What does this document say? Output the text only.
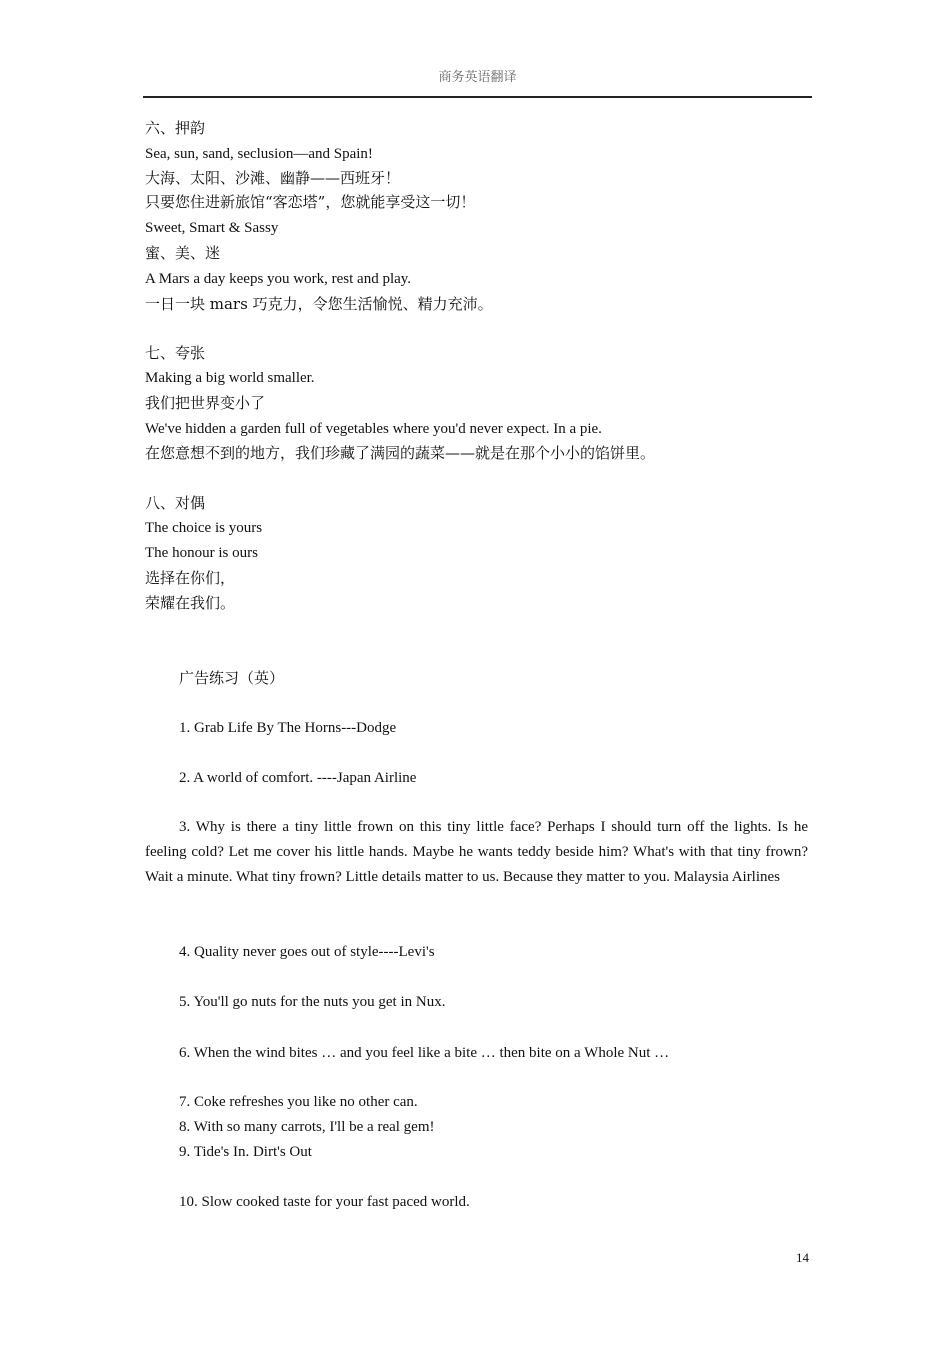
商务英语翻译
六、押韵
Sea, sun, sand, seclusion—and Spain!
大海、太阳、沙滩、幽静——西班牙！
只要您住进新旅馆“客恋塔”，您就能享受这一切！
Sweet, Smart & Sassy
蜜、美、迷
A Mars a day keeps you work, rest and play.
一日一块 mars 巧克力，令您生活愉悦、精力充沛。
七、夸张
Making a big world smaller.
我们把世界变小了
We've hidden a garden full of vegetables where you'd never expect. In a pie.
在您意想不到的地方，我们珍藏了满园的蔬菜——就是在那个小小的馅饼里。
八、对偶
The choice is yours
The honour is ours
选择在你们，
荣耀在我们。
广告练习（英）
1. Grab Life By The Horns---Dodge
2. A world of comfort. ----Japan Airline
3. Why is there a tiny little frown on this tiny little face? Perhaps I should turn off the lights. Is he feeling cold? Let me cover his little hands. Maybe he wants teddy beside him? What's with that tiny frown? Wait a minute. What tiny frown? Little details matter to us. Because they matter to you. Malaysia Airlines
4. Quality never goes out of style----Levi's
5. You'll go nuts for the nuts you get in Nux.
6. When the wind bites … and you feel like a bite … then bite on a Whole Nut …
7. Coke refreshes you like no other can.
8. With so many carrots, I'll be a real gem!
9. Tide's In. Dirt's Out
10. Slow cooked taste for your fast paced world.
14
